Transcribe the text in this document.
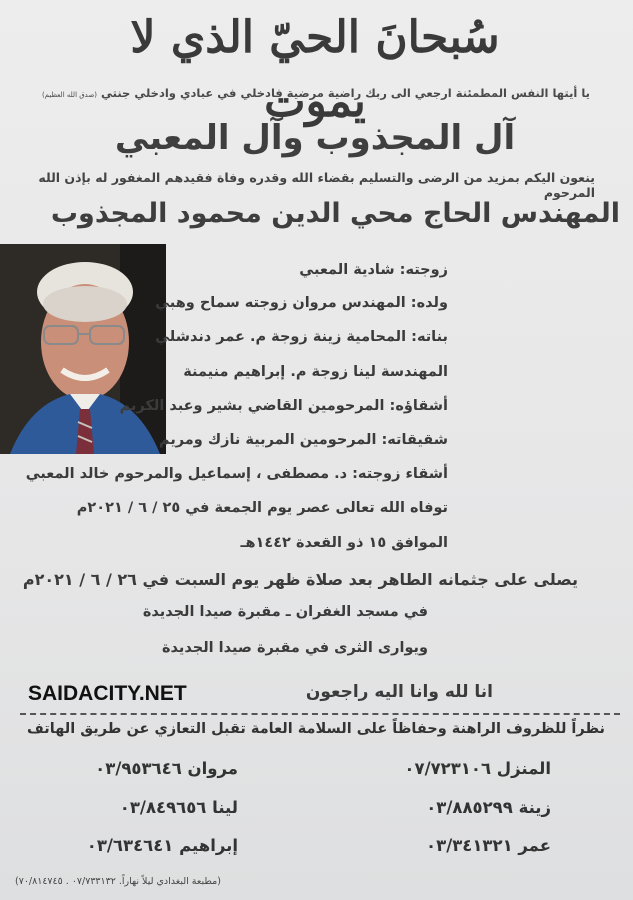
سُبحانَ الحيّ الذي لا يموت
يا أيتها النفس المطمئنة ارجعي الى ربك راضية مرضية فادخلي في عبادي وادخلي جنتي (صدق الله العظيم)
آل المجذوب وآل المعبي
ينعون اليكم بمزيد من الرضى والتسليم بقضاء الله وقدره وفاة فقيدهم المغفور له بإذن الله المرحوم
المهندس الحاج محي الدين محمود المجذوب
زوجته: شادية المعبي
ولده: المهندس مروان زوجته سماح وهبي
بناته: المحامية زينة زوجة م. عمر دندشلي
المهندسة لينا زوجة م. إبراهيم منيمنة
أشقاؤه: المرحومين القاضي بشير وعبد الكريم
شقيقاته: المرحومين المربية نازك ومريم
أشقاء زوجته: د. مصطفى ، إسماعيل والمرحوم خالد المعبي
توفاه الله تعالى عصر يوم الجمعة في ٢٥ / ٦ / ٢٠٢١م
الموافق ١٥ ذو القعدة ١٤٤٢هـ
يصلى على جثمانه الطاهر بعد صلاة ظهر يوم السبت في ٢٦ / ٦ / ٢٠٢١م
في مسجد الغفران ـ مقبرة صيدا الجديدة
ويوارى الثرى في مقبرة صيدا الجديدة
انا لله وانا اليه راجعون
SAIDACITY.NET
نظراً للظروف الراهنة وحفاظاً على السلامة العامة تقبل التعازي عن طريق الهاتف
المنزل ٠٧/٧٢٣١٠٦
مروان ٠٣/٩٥٣٦٤٦
زينة ٠٣/٨٨٥٢٩٩
لينا ٠٣/٨٤٩٦٥٦
عمر ٠٣/٣٤١٣٢١
إبراهيم ٠٣/٦٣٤٦٤١
(مطبعة البغدادي ليلاً نهاراً. ٠٧/٧٣٣١٣٢ . ٧٠/٨١٤٧٤٥)
